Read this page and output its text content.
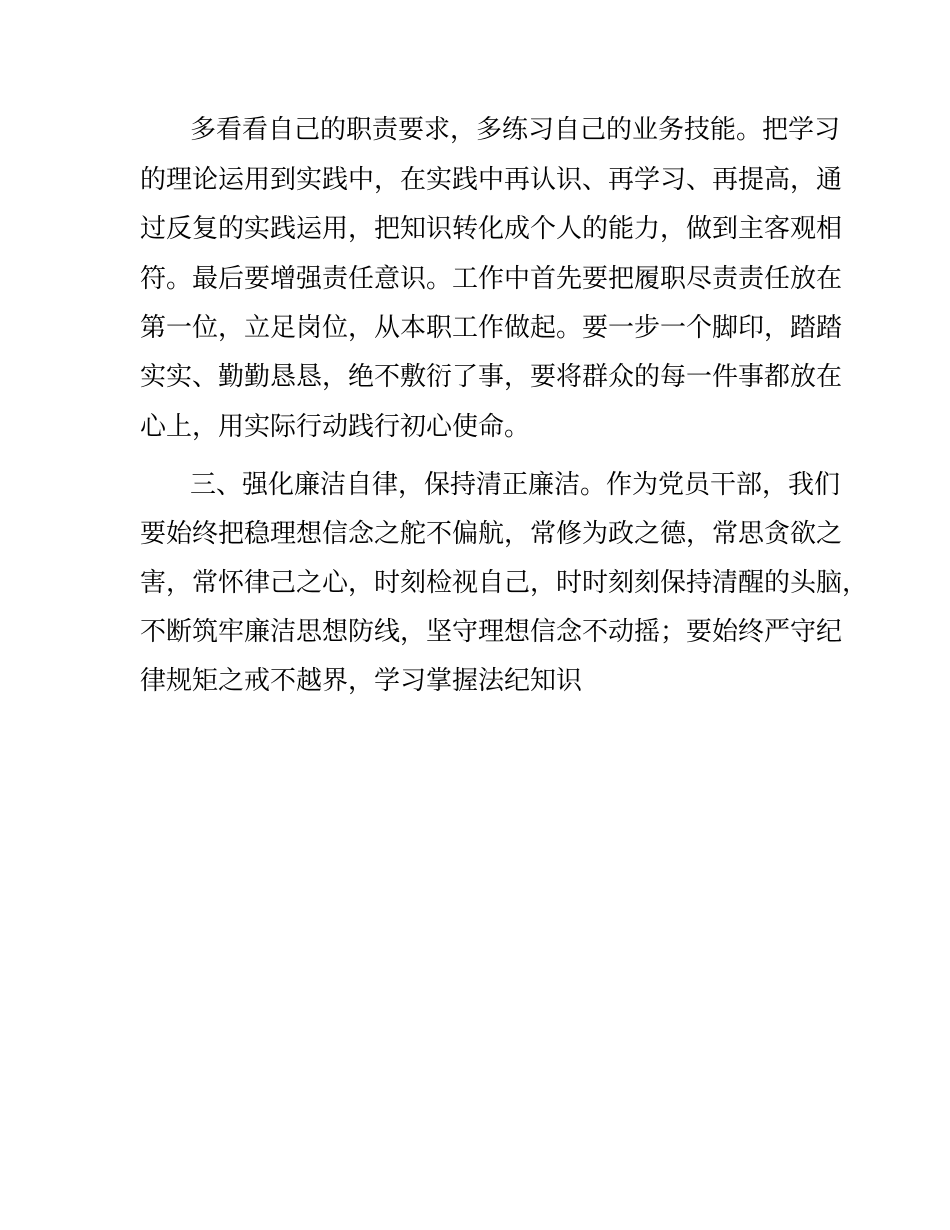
多看看自己的职责要求，多练习自己的业务技能。把学习
的理论运用到实践中，在实践中再认识、再学习、再提高，通
过反复的实践运用，把知识转化成个人的能力，做到主客观相
符。最后要增强责任意识。工作中首先要把履职尽责责任放在
第一位，立足岗位，从本职工作做起。要一步一个脚印，踏踏
实实、勤勤恳恳，绝不敷衍了事，要将群众的每一件事都放在
心上，用实际行动践行初心使命。
三、强化廉洁自律，保持清正廉洁。作为党员干部，我们
要始终把稳理想信念之舵不偏航，常修为政之德，常思贪欲之
害，常怀律己之心，时刻检视自己，时时刻刻保持清醒的头脑，
不断筑牢廉洁思想防线，坚守理想信念不动摇；要始终严守纪
律规矩之戒不越界，学习掌握法纪知识
